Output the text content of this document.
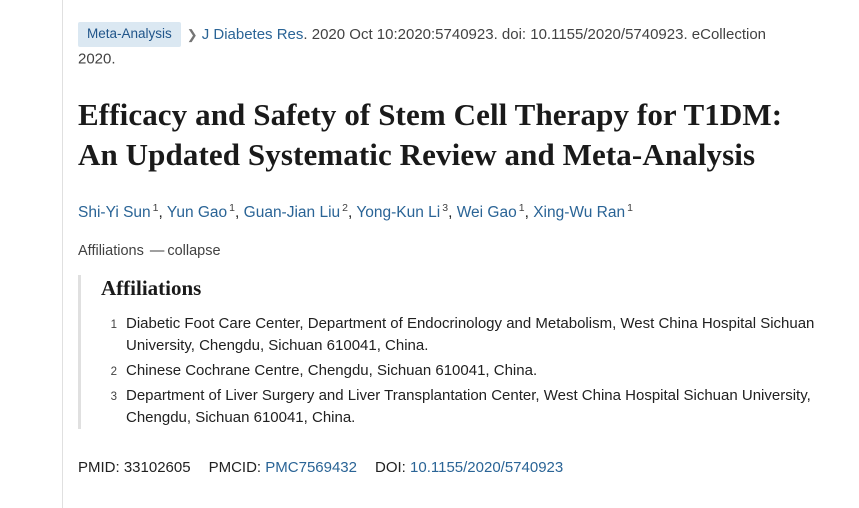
Meta-Analysis ❯ J Diabetes Res. 2020 Oct 10:2020:5740923. doi: 10.1155/2020/5740923. eCollection 2020.
Efficacy and Safety of Stem Cell Therapy for T1DM: An Updated Systematic Review and Meta-Analysis
Shi-Yi Sun $^1$, Yun Gao $^1$, Guan-Jian Liu $^2$, Yong-Kun Li $^3$, Wei Gao $^1$, Xing-Wu Ran $^1$
Affiliations — collapse
Affiliations
1 Diabetic Foot Care Center, Department of Endocrinology and Metabolism, West China Hospital Sichuan University, Chengdu, Sichuan 610041, China.
2 Chinese Cochrane Centre, Chengdu, Sichuan 610041, China.
3 Department of Liver Surgery and Liver Transplantation Center, West China Hospital Sichuan University, Chengdu, Sichuan 610041, China.
PMID: 33102605 PMCID: PMC7569432 DOI: 10.1155/2020/5740923
